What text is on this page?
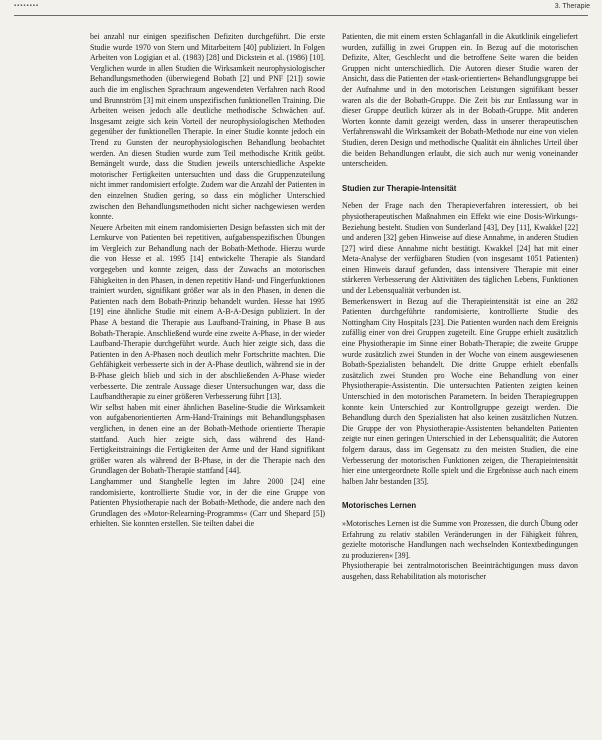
▪▪▪▪▪▪▪▪	3. Therapie

bei anzahl nur einigen spezifischen Defiziten durchgeführt. Die erste Studie wurde 1970 von Stern und Mitarbeitern [40] publiziert. In Folgen Arbeiten von Logigian et al. (1983) [28] und Dickstein et al. (1986) [10]. Verglichen wurde in allen Studien die Wirksamkeit neurophysiologischer Behandlungsmethoden (überwiegend Bobath [2] und PNF [21]) sowie auch die im englischen Sprachraum angewendeten Verfahren nach Rood und Brunnström [3] mit einem unspezifischen funktionellen Training. Die Arbeiten weisen jedoch alle deutliche methodische Schwächen auf. Insgesamt zeigte sich kein Vorteil der neurophysiologischen Methoden gegenüber der funktionellen Therapie. In einer Studie konnte jedoch ein Trend zu Gunsten der neurophysiologischen Behandlung beobachtet werden. An diesen Studien wurde zum Teil methodische Kritik geübt. Bemängelt wurde, dass die Studien jeweils unterschiedliche Aspekte motorischer Fertigkeiten untersuchten und dass die Gruppenzuteilung nicht immer randomisiert erfolgte. Zudem war die Anzahl der Patienten in den einzelnen Studien gering, so dass ein möglicher Unterschied zwischen den Behandlungsmethoden nicht sicher nachgewiesen werden konnte.

Neuere Arbeiten mit einem randomisierten Design befassten sich mit der Lernkurve von Patienten bei repetitiven, aufgabenspezifischen Übungen im Vergleich zur Behandlung nach der Bobath-Methode. Hierzu wurde die von Hesse et al. 1995 [14] entwickelte Therapie als Standard vorgegeben und konnte zeigen, dass der Zuwachs an motorischen Fähigkeiten in den Phasen, in denen repetitiv Hand- und Fingerfunktionen trainiert wurden, signifikant größer war als in den Phasen, in denen die Patienten nach dem Bobath-Prinzip behandelt wurden. Hesse hat 1995 [19] eine ähnliche Studie mit einem A-B-A-Design publiziert. In der Phase A bestand die Therapie aus Laufband-Training, in Phase B aus Bobath-Therapie. Anschließend wurde eine zweite A-Phase, in der wieder Laufband-Therapie durchgeführt wurde. Auch hier zeigte sich, dass die Patienten in den A-Phasen noch deutlich mehr Fortschritte machten. Die Gehfähigkeit verbesserte sich in der A-Phase deutlich, während sie in der B-Phase gleich blieb und sich in der abschließenden A-Phase wieder verbesserte. Die zentrale Aussage dieser Untersuchungen war, dass die Laufbandtherapie zu einer größeren Verbesserung führt [13].

Wir selbst haben mit einer ähnlichen Baseline-Studie die Wirksamkeit von aufgabenorientierten Arm-Hand-Trainings mit Behandlungsphasen verglichen, in denen eine an der Bobath-Methode orientierte Therapie stattfand. Auch hier zeigte sich, dass während des Hand-Fertigkeitstrainings die Fertigkeiten der Arme und der Hand signifikant größer waren als während der B-Phase, in der die Therapie nach den Grundlagen der Bobath-Therapie stattfand [44].

Langhammer und Stanghelle legten im Jahre 2000 [24] eine randomisierte, kontrollierte Studie vor, in der die eine Gruppe von Patienten Physiotherapie nach der Bobath-Methode, die andere nach den Grundlagen des »Motor-Relearning-Programms« (Carr und Shepard [5]) erhielten. Sie konnten erstellen. Sie teilten dabei die

Patienten, die mit einem ersten Schlaganfall in die Akutklinik eingeliefert wurden, zufällig in zwei Gruppen ein. In Bezug auf die motorischen Defizite, Alter, Geschlecht und die betroffene Seite waren die beiden Gruppen nicht unterschiedlich. Die Autoren dieser Studie waren der Ansicht, dass die Patienten der »task-orientierten« Behandlungsgruppe bei der Aufnahme und in den motorischen Leistungen signifikant besser waren als die der Bobath-Gruppe. Die Zeit bis zur Entlassung war in dieser Gruppe deutlich kürzer als in der Bobath-Gruppe. Mit anderen Worten konnte damit gezeigt werden, dass in unserer therapeutischen Verfahrenswahl die Wirksamkeit der Bobath-Methode nur eine von vielen Studien, deren Design und methodische Qualität ein ähnliches Urteil über die beiden Behandlungen erlaubt, die sich auch nur wenig voneinander unterscheiden.

Studien zur Therapie-Intensität

Neben der Frage nach den Therapieverfahren interessiert, ob bei physiotherapeutischen Maßnahmen ein Effekt wie eine Dosis-Wirkungs-Beziehung besteht. Studien von Sunderland [43], Dey [11], Kwakkel [22] und anderen [32] geben Hinweise auf diese Annahme, in anderen Studien [27] wird diese Annahme nicht bestätigt. Kwakkel [24] hat mit einer Meta-Analyse der verfügbaren Studien (von insgesamt 1051 Patienten) einen Hinweis darauf gefunden, dass intensivere Therapie mit einer stärkeren Verbesserung der Aktivitäten des täglichen Lebens, Funktionen und der Lebensqualität verbunden ist.

Bemerkenswert in Bezug auf die Therapieintensität ist eine an 282 Patienten durchgeführte randomisierte, kontrollierte Studie des Nottingham City Hospitals [23]. Die Patienten wurden nach dem Ereignis zufällig einer von drei Gruppen zugeteilt. Eine Gruppe erhielt zusätzlich eine Physiotherapie im Sinne einer Bobath-Therapie; die zweite Gruppe wurde zusätzlich zwei Stunden in der Woche von einem ausgewiesenen Bobath-Spezialisten behandelt. Die dritte Gruppe erhielt ebenfalls zusätzlich zwei Stunden pro Woche eine Behandlung von einer Physiotherapie-Assistentin. Die untersuchten Patienten zeigten keinen Unterschied in den motorischen Parametern. In beiden Therapiegruppen konnte kein Unterschied zur Kontrollgruppe gezeigt werden. Die Behandlung durch den Spezialisten hat also keinen zusätzlichen Nutzen. Die Gruppe der von Physiotherapie-Assistenten behandelten Patienten zeigte nur einen geringen Unterschied in der Lebensqualität; die Autoren folgern daraus, dass im Gegensatz zu den meisten Studien, die eine Verbesserung der motorischen Funktionen zeigen, die Therapieintensität hier eine untergeordnete Rolle spielt und die Ergebnisse auch nach einem halben Jahr bestanden [35].

Motorisches Lernen

»Motorisches Lernen ist die Summe von Prozessen, die durch Übung oder Erfahrung zu relativ stabilen Veränderungen in der Fähigkeit führen, gezielte motorische Handlungen nach wechselnden Kontextbedingungen zu produzieren« [39].

Physiotherapie bei zentralmotorischen Beeinträchtigungen muss davon ausgehen, dass Rehabilitation als motorischer
